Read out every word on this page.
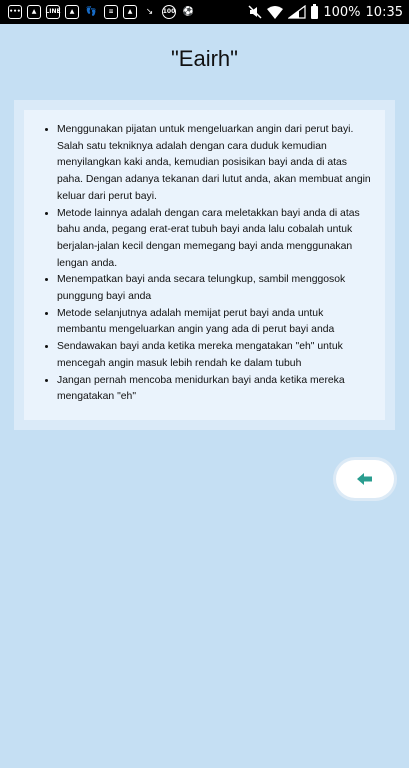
•••	▲	LINE	▲	👣	≡	▲	↘	100 ⚽	100% 10:35
"Eairh"
• Menggunakan pijatan untuk mengeluarkan angin dari perut bayi. Salah satu tekniknya adalah dengan cara duduk kemudian menyilangkan kaki anda, kemudian posisikan bayi anda di atas paha. Dengan adanya tekanan dari lutut anda, akan membuat angin keluar dari perut bayi.
• Metode lainnya adalah dengan cara meletakkan bayi anda di atas bahu anda, pegang erat-erat tubuh bayi anda lalu cobalah untuk berjalan-jalan kecil dengan memegang bayi anda menggunakan lengan anda.
• Menempatkan bayi anda secara telungkup, sambil menggosok punggung bayi anda
• Metode selanjutnya adalah memijat perut bayi anda untuk membantu mengeluarkan angin yang ada di perut bayi anda
• Sendawakan bayi anda ketika mereka mengatakan "eh" untuk mencegah angin masuk lebih rendah ke dalam tubuh
• Jangan pernah mencoba menidurkan bayi anda ketika mereka mengatakan "eh"
